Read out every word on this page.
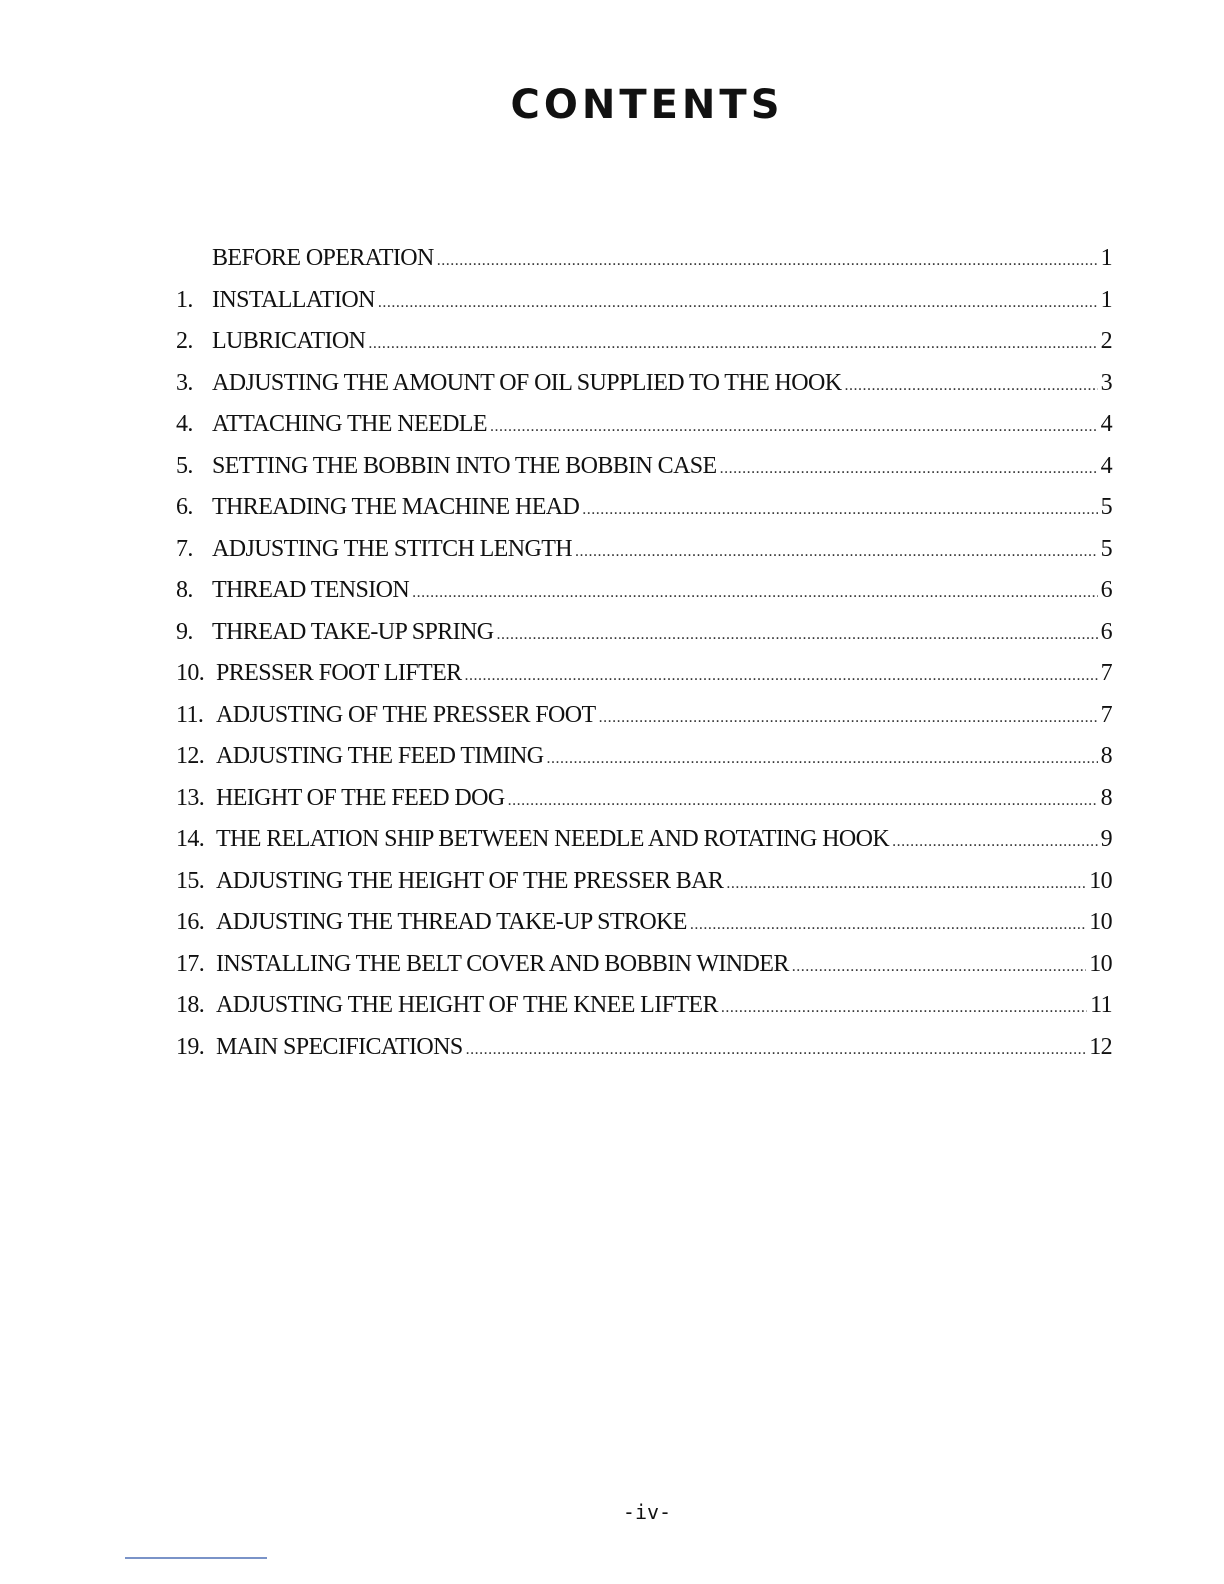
CONTENTS
BEFORE OPERATION .....	1
1. INSTALLATION .....	1
2. LUBRICATION .....	2
3. ADJUSTING THE AMOUNT OF OIL SUPPLIED TO THE HOOK .....	3
4. ATTACHING THE NEEDLE .....	4
5. SETTING THE BOBBIN INTO THE BOBBIN CASE .....	4
6. THREADING THE MACHINE HEAD .....	5
7. ADJUSTING THE STITCH LENGTH .....	5
8. THREAD TENSION .....	6
9. THREAD TAKE-UP SPRING .....	6
10. PRESSER FOOT LIFTER .....	7
11. ADJUSTING OF THE PRESSER FOOT .....	7
12. ADJUSTING THE FEED TIMING .....	8
13. HEIGHT OF THE FEED DOG .....	8
14. THE RELATION SHIP BETWEEN NEEDLE AND ROTATING HOOK .....	9
15. ADJUSTING THE HEIGHT OF THE PRESSER BAR .....	10
16. ADJUSTING THE THREAD TAKE-UP STROKE .....	10
17. INSTALLING THE BELT COVER AND BOBBIN WINDER .....	10
18. ADJUSTING THE HEIGHT OF THE KNEE LIFTER .....	11
19. MAIN SPECIFICATIONS .....	12

-iv-
